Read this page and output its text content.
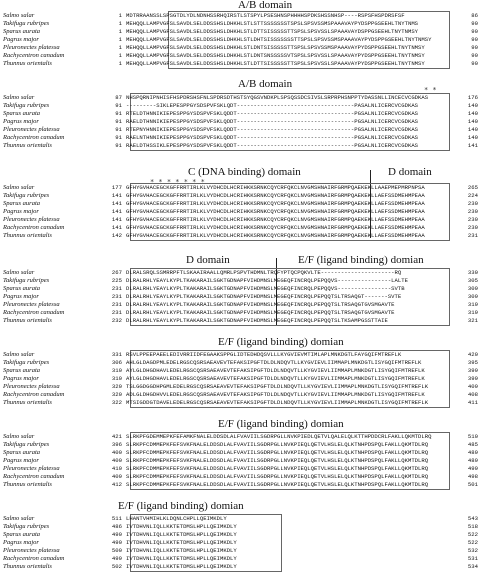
A/B domain
Salmo salar	1 MDTRRAANSSLSPSGTDLYDLNDNHSSRHQIRSTLSTSPYLPSESHNSPHHHHSPDKSHSSNHSP----RSPSFHSPDRSFSF	86
Takifugu rubripes	1 MEHQQLLAMPVGFSLSAVDLSELDDSSHSLDHKHLSTLSTTSSSSSSSTSPSLSPSVSSMSPAAAVAYPYDSPPGSEEHLTNYTNMS	90
Sparus aurata	1 MEHQQLLAMPVGFSLSAVDLSELDDSSHSLDHKHLSTLDTTSISSSSSTTSPSLSPSVSSLSPAAAVAYDSPPGSEEHLTNYTNMSY	90
Pagrus major	1 MEHQQLLAMPVGFSLSAVDLSELDDSSHSLDHKHLSTLDHTSISSSSSSSTTSPSLSPSVSSMSPAAAVAYPYDSPPGSEEHLTNYTNMSY	90
Pleuronectes platessa	1 MEHQQLLAMPVGFSLSAVDLSELDDSSHSLDHKHLSTLDNTSISSSSSTTSPSLSPSVSSMSPAAAVAYPYDSPPGSEEHLTNYTNMSY	90
Rachycentron canadum	1 MEHQQLLAMPVGFSLSAVDLSELDDSSHSLDHKHLSTLDNTSNSSSSSVTSPSLSPSVSSLSPAAAVAYPYDSPPGSEEHLTNYTNMSY	90
Thunnus orientalis	1 MEHQQLLAMPVGFSLSAVDLSELDDSSHSLDHKHLSTLDTTSISSSSSTTSPSLSPSVSSLSPAAAVAYPYDSPPGSEEHLTNYTNMSY	90
A/B domain	* *
Salmo salar	87 NHSPQRNIPNHISFHSPDRSHSFNLSPDRSDTHSTSYQGSVNDKPLSPSQSSDCSIVSLSRPRPHSNPPTYDASSNLLINCECVCGDKAS	176
Takifugu rubripes	91 ---------SIKLEPESPPGYSDSPVFSKLQDT-----------------------------------PASALNLICERCVCGDKAS	140
Sparus aurata	91 RTELDTHNNIKIEPESPPGYSDSPVFSKLQDDT-----------------------------------PGSALNLICERCVCGDKAS	140
Pagrus major	91 RAELDTHNNIKIEPESPPGYSDSPVFSKLQDDT-----------------------------------PGSALNLICERCVCGDKAS	140
Pleuronectes platessa	91 RTEPNYHNNIKIEPESPPGYSDSPVFSKLQDDT-----------------------------------PGSALNLICERCVCGDKAS	140
Rachycentron canadum	91 RAELNTHNNIKIEPESPPGYSDSPVFSKLQDDT-----------------------------------PGSALNLICERCVCGDKAS	140
Thunnus orientalis	91 RAELDTHSSIKLEPESPPGYSDSPVFSKLQDDT-----------------------------------PGSALNLICERCVCGDKAS	141
C (DNA binding) domain	D domain
* * * * * * *
Salmo salar	177 GFHYGVHACEGCKGFFRRTIRLKLVYDHCDLHCRIHKKSRNKCQYCRFQKCLNVGMSHNAIRFGRMPQAEKEKLLAAEPMEPMRPNPSA	265
Takifugu rubripes	141 GFHYGVHACEGCKGFFRRTIRLKLVYDHCDLHCRIHKKSRNKCQYCRFQKCLNVGMSHNAIRFGRMPQAEKEKLLAEFSSDMEHMPEAA	224
Sparus aurata	141 GFHYGVHACEGCKGFFRRTIRLKLVYDHCDLHCRIHKKSRNKCQYCRFQKCLNVGMSHNAIRFGRMPQAEKEKLLAEFSSDMEHMPEAA	230
Pagrus major	141 GFHYGVHACEGCKGFFRRTIRLKLVYDHCDLHCRIHKKSRNKCQYCRFQKCLNVGMSHNAIRFGRMPQAEKEKLLAEFSSDMEHMPEAA	230
Pleuronectes platessa	141 GFHYGVHACEGCKGFFRRTIRLKLVYDHCDLHCRIHKKSRNKCQYCRFQKCLNVGMSHNAIRFGRMPQAEKEKLLAEFSSDMEHMPEAA	230
Rachycentron canadum	141 GFHYGVHACEGCKGFFRRTIRLKLVYDHCDLHCRIHKKSRNKCQYCRFQKCLNVGMSHNAIRFGRMPQAEKEKLLAEFSSDMEHMPEAA	230
Thunnus orientalis	142 GFHYGVHACEGCKGFFRRTIRLKLVYDHCDLHCRIHKKSRNKCQYCRFQKCLNVGMSHNAIRFGRMPQAEKEKLLAEFSSDMEHMPEAA	231
D domain	E/F (ligand binding) domian
Salmo salar	267 DLRALSRQLSSMRRPFTLSKAAIRAALLQMRLPSPVTHDMNLTRQFYPTQCPQKVLTE----------------------RQ	330
Takifugu rubripes	225 DLRALRHLYEAYLKYPLTKAKARAILSGKTGDNAPFVIHDMNSLMEGEQFINCRQLPEPQQVS----------------LALTE	305
Sparus aurata	231 DLRALRHLYEAYLKYPLTKAKARAILSGKTGDNAPFVIHDMNSLMEGEQFINCRQLPEPQQVS----------------SVTB	309
Pagrus major	231 DLRALRHLYEAYLKYPLTKAKARAILSGKTGDNAPFVIHDMNSLMEGEQFINCRQLPEPQQTSLTRSAQGT-------SVTE	309
Pleuronectes platessa	231 DLRALRHLYEAYLKYPLTKAKARAILSGKTGDNAPFVIHDMNSLMEGEQFINCRQLPEPQQTSLTRSAQGTGVSMGAVTE	319
Rachycentron canadum	231 DLRALRHLYEAYLKYPLTKAKARAILSGKTGDNAPFVIHDMNSLMEGEQFINCRQLPEPQQTSLTRSAQGTGVSMGAVTE	319
Thunnus orientalis	232 DLRALRHLYEAYLKYPLTKAKARAILSGKTGDNAPFVIHDMNSLMEGEQFINCRQLPEPQQTSLTKSAMPGSSTTAIE	321
E/F (ligand binding) domian
Salmo salar	331 RSVLPPEEPAEELEDIVRRIIDFEGAAKSPPGLIDTEDHDQSVLLLKYGVIEVMTIMLAPLMNKDGTLFAYGQIFMTREFLK	420
Takifugu rubripes	306 AHLGLDAGDPMLEDELRGSCQSRSAEAVEVTEFAKSIPGFTDLDLNDQVTLLKYGVIEVLIIMMAPLMNKDGTLISYGQIFMTREFLK	395
Sparus aurata	310 AYLGLDHGDHAVLEDELRGSCQSRSAEAVEVTEFAKSIPGFTDLDLNDQVTLLKYGVIEVLIIMMAPLMNKDGTLISYGQIFMTREFLK	399
Pagrus major	310 AYLGLDHGDHAVLEDELRGSCQSRSAEAVEVTEFAKSIPGFTDLDLNDQVTLLKYGVIEVLIIMMAPLMNKDGTLISYGQIFMTREFLK	399
Pleuronectes platessa	320 TSLGGDGGDHPGMLEDELRGSCQSRSAEAVEVTEFAKSIPGFTDLDLNDQVTLLKYGVIEVLIIMMAPLMNKDGTLISYGQIFMTREFLK	409
Rachycentron canadum	320 ADLGLDHGDHVVLEDELRGSCQSRSAEAVEVTEFAKSIPGFTDLDLNDQVTLLKYGVIEVLIIMMAPLMNKDGTLISYGQIFMTREFLK	408
Thunnus orientalis	322 MTSIGDDGTDAVELEDELRGSCQSRSAEAVEVTEFAKSIPGFTDLDLNDQVTLLKYGVIEVLIIMMAPLMNKDGTLISYGQIFMTREFLK	411
E/F (ligand binding) domian
Salmo salar	421 SLRKPFGDEMMEPKFEFAMKFNALELDDSDLALFVAVIILSGDRPGLLNVKPIEDLQETVLQALELQLKTTHPDDCRLFAKLLQKMTDLRQ	510
Takifugu rubripes	396 SLRKPFCDMMEPKFEFSVKFNALELDDSDLALFVAVIILSGDRPGLLNVKPIEQLQETVLHSLELQLKTNHPDSPQLFAKLLQKMTDLRQ	485
Sparus aurata	400 SLRKPFCDMMEPKFEFSVKFNALELDDSDLALFVAVIILSGDRPGLLNVKPIEQLQETVLHSLELQLKTNHPDSPQLFAKLLQKMTDLRQ	489
Pagrus major	400 SLRKPFCDMMEPKFEFSVKFNALELDDSDLALFVAVIILSGDRPGLLNVKPIEQLQETVLHSLELQLKTNHPDSPQLFAKLLQKMTDLRQ	489
Pleuronectes platessa	410 SLRKPFCDMMEPKFEFSVKFNALELDDSDLALFVAVIILSGDRPGLLNVKPIEQLQETVLHSLELQLKTNHPDSPQLFAKLLQKMTDLRQ	499
Rachycentron canadum	409 SLRKPFCDMMEPKFEFSVKFNALELDDSDLALFVAVIILSGDRPGLLNVKPIEQLQETVLHSLELQLKTNHPDSPQLFAKLLQKMTDLRQ	498
Thunnus orientalis	412 SLRKPFCDMMEPKFEFSVKFNALELDDSDLALFVAVIILSGDRPGLLNVKPIEQLQETVLHSLELQLKTNHPDSPQLFAKLLQKMTDLRQ	501
E/F (ligand binding) domian
Salmo salar	511 LHANTVHMIHLKLDQNLCHPLLQEIMKDLY	543
Takifugu rubripes	486 IVTDHVNLIQLLKKTETDMSLHPLLQEIMKDLY	518
Sparus aurata	490 IVTDHVNLIQLLKKTETDMSLHPLLQEIMKDLY	522
Pagrus major	490 IVTDHVNLIQLLKKTETDMSLHPLLQEIMKDLY	522
Pleuronectes platessa	500 IVTDHVNLIQLLKKTETDMSLHPLLQEIMKDLY	532
Rachycentron canadum	499 IVTDHVNLIQLLKKTETDMSLHPLLQEIMKDLY	531
Thunnus orientalis	502 IVTDHVNLIQLLKKTETDMSLHPLLQEIMKDLY	534
